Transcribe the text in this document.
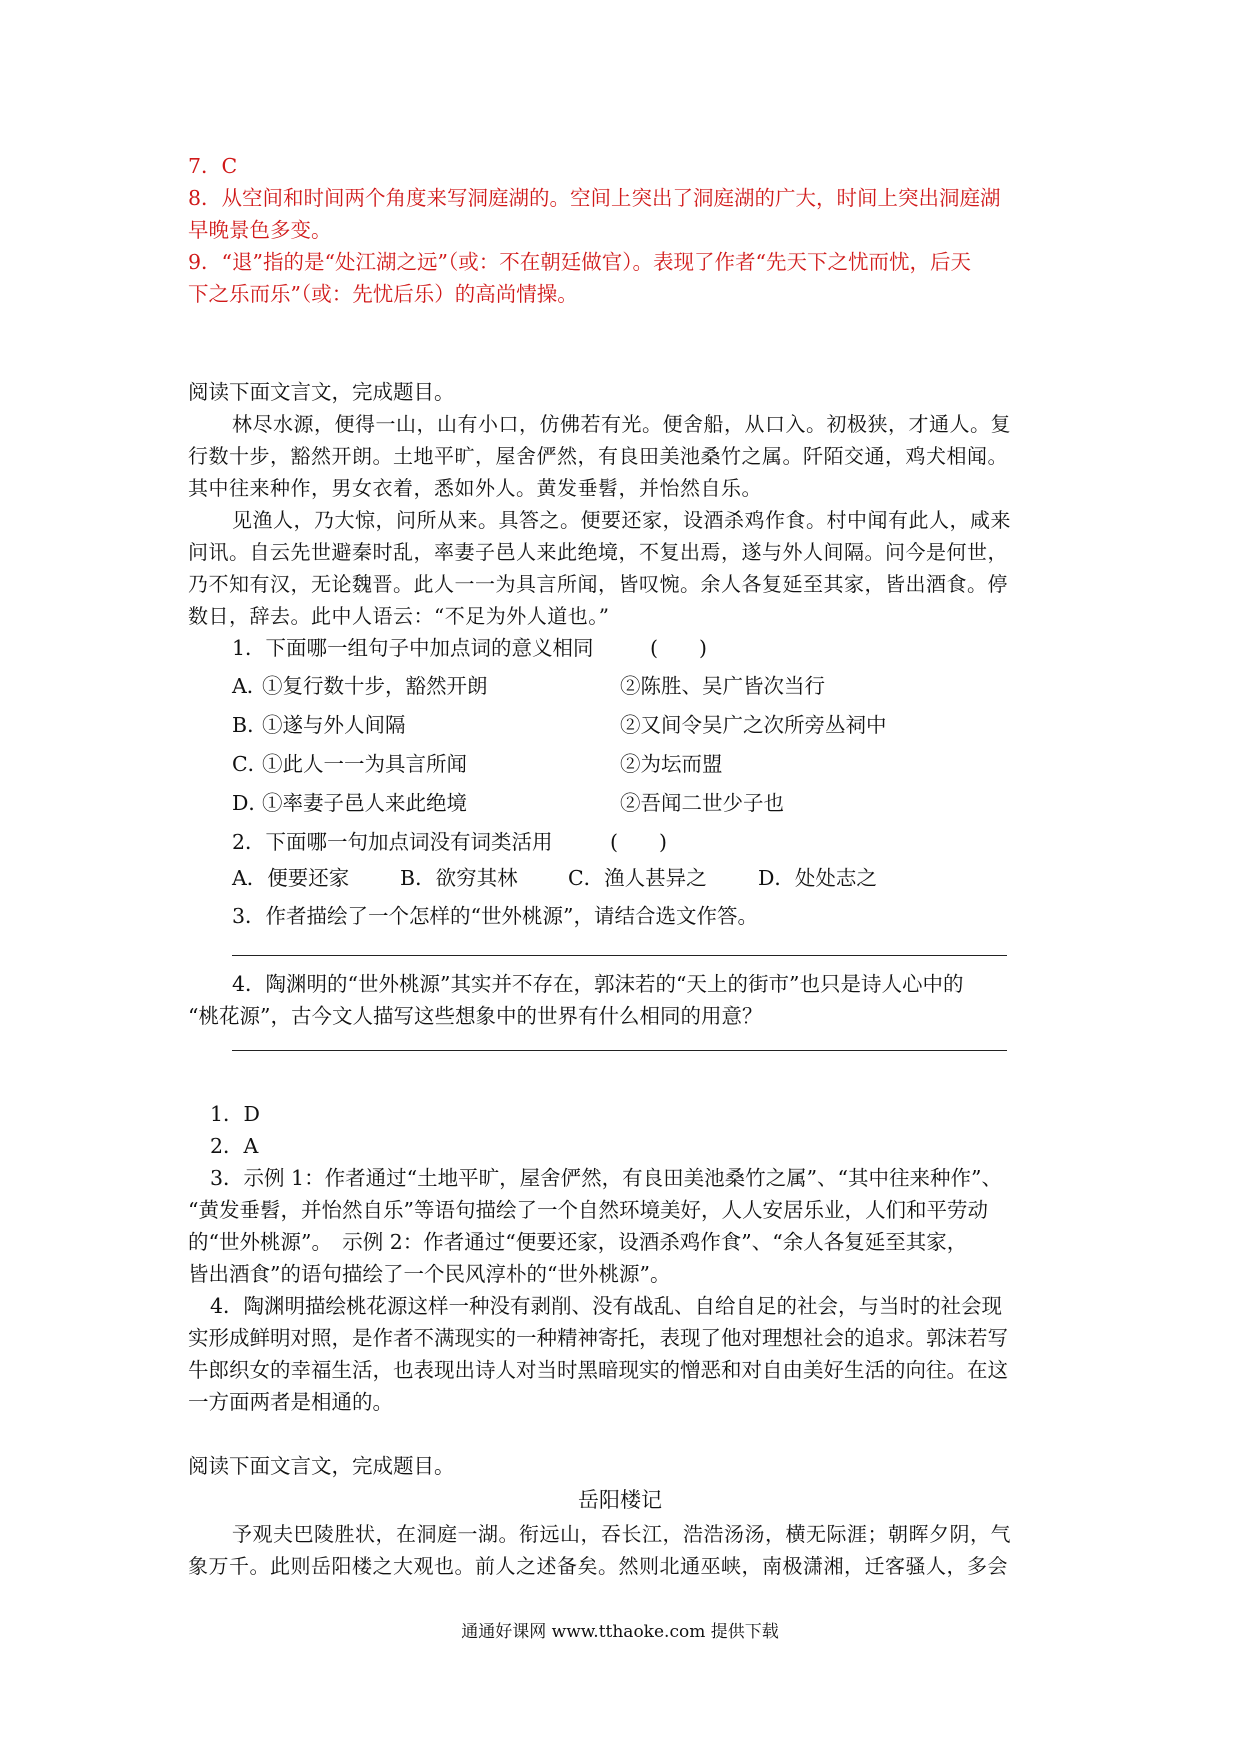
7．C
8．从空间和时间两个角度来写洞庭湖的。空间上突出了洞庭湖的广大，时间上突出洞庭湖
早晚景色多变。
9．“退”指的是“处江湖之远”（或：不在朝廷做官）。表现了作者“先天下之忧而忧，后天
下之乐而乐”（或：先忧后乐）的高尚情操。
阅读下面文言文，完成题目。
林尽水源，便得一山，山有小口，仿佛若有光。便舍船，从口入。初极狭，才通人。复
行数十步，豁然开朗。土地平旷，屋舍俨然，有良田美池桑竹之属。阡陌交通，鸡犬相闻。
其中往来种作，男女衣着，悉如外人。黄发垂髫，并怡然自乐。
见渔人，乃大惊，问所从来。具答之。便要还家，设酒杀鸡作食。村中闻有此人，咸来
问讯。自云先世避秦时乱，率妻子邑人来此绝境，不复出焉，遂与外人间隔。问今是何世，
乃不知有汉，无论魏晋。此人一一为具言所闻，皆叹惋。余人各复延至其家，皆出酒食。停
数日，辞去。此中人语云：“不足为外人道也。”
1．下面哪一组句子中加点词的意义相同	(　　)
A．
①复行数十步，豁然开朗	②陈胜、吴广皆次当行
B．
①遂与外人间隔	②又间令吴广之次所旁丛祠中
C．
①此人一一为具言所闻	②为坛而盟
D．
①率妻子邑人来此绝境	②吾闻二世少子也
2．下面哪一句加点词没有词类活用	(　　)
A．便要还家 B．欲穷其林 C．渔人甚异之	D．处处志之
3．作者描绘了一个怎样的“世外桃源”，请结合选文作答。
4．陶渊明的“世外桃源”其实并不存在，郭沫若的“天上的街市”也只是诗人心中的
“桃花源”，古今文人描写这些想象中的世界有什么相同的用意？
1．D
2．A
3．示例 1：作者通过“土地平旷，屋舍俨然，有良田美池桑竹之属”、“其中往来种作”、
“黄发垂髫，并怡然自乐”等语句描绘了一个自然环境美好，人人安居乐业，人们和平劳动
的“世外桃源”。　示例 2：作者通过“便要还家，设酒杀鸡作食”、“余人各复延至其家，
皆出酒食”的语句描绘了一个民风淳朴的“世外桃源”。
4．陶渊明描绘桃花源这样一种没有剥削、没有战乱、自给自足的社会，与当时的社会现
实形成鲜明对照，是作者不满现实的一种精神寄托，表现了他对理想社会的追求。郭沫若写
牛郎织女的幸福生活，也表现出诗人对当时黑暗现实的憎恶和对自由美好生活的向往。在这
一方面两者是相通的。
阅读下面文言文，完成题目。
岳阳楼记
予观夫巴陵胜状，在洞庭一湖。衔远山，吞长江，浩浩汤汤，横无际涯；朝晖夕阴，气
象万千。此则岳阳楼之大观也。前人之述备矣。然则北通巫峡，南极潇湘，迁客骚人，多会
通通好课网 www.tthaoke.com 提供下载
